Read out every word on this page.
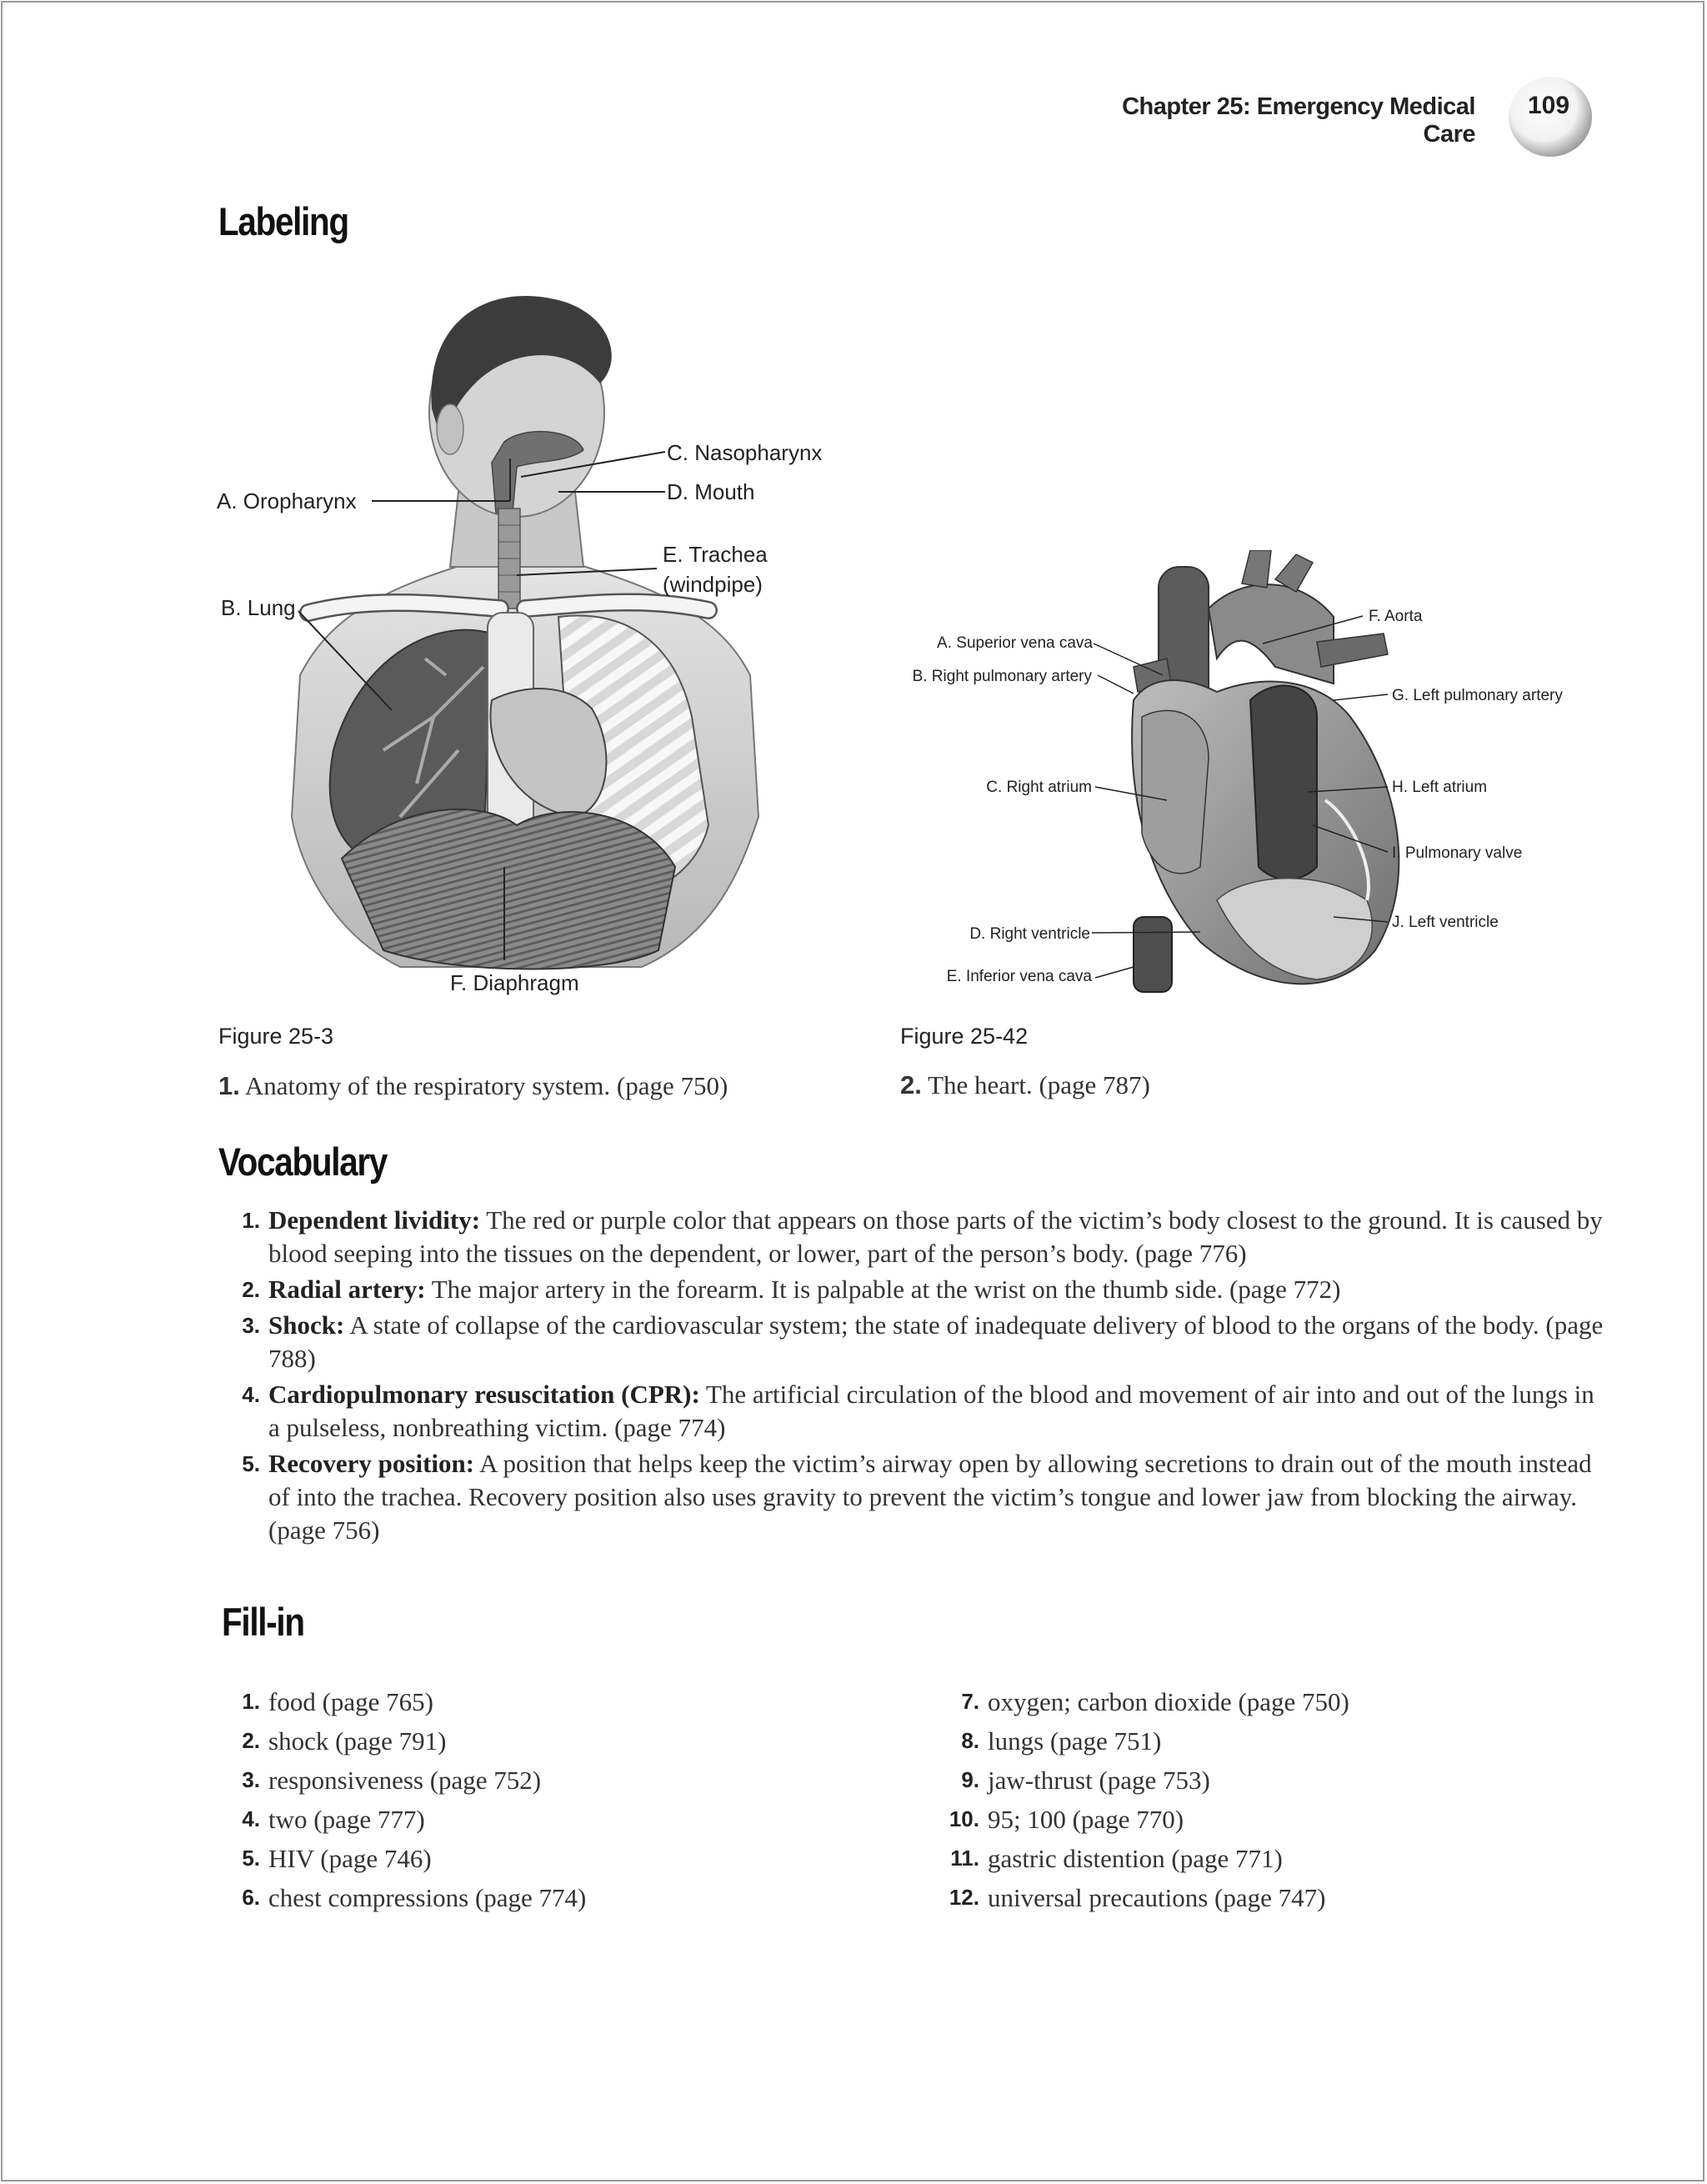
Chapter 25: Emergency Medical Care
109
Labeling
A. Oropharynx
B. Lung
C. Nasopharynx
D. Mouth
E. Trachea
(windpipe)
F. Diaphragm
A. Superior vena cava
B. Right pulmonary artery
C. Right atrium
D. Right ventricle
E. Inferior vena cava
F. Aorta
G. Left pulmonary artery
H. Left atrium
I. Pulmonary valve
J. Left ventricle
Figure 25-3
1. Anatomy of the respiratory system. (page 750)
Figure 25-42
2. The heart. (page 787)
Vocabulary
1. Dependent lividity: The red or purple color that appears on those parts of the victim’s body closest to the ground. It is caused by blood seeping into the tissues on the dependent, or lower, part of the person’s body. (page 776)
2. Radial artery: The major artery in the forearm. It is palpable at the wrist on the thumb side. (page 772)
3. Shock: A state of collapse of the cardiovascular system; the state of inadequate delivery of blood to the organs of the body. (page 788)
4. Cardiopulmonary resuscitation (CPR): The artificial circulation of the blood and movement of air into and out of the lungs in a pulseless, nonbreathing victim. (page 774)
5. Recovery position: A position that helps keep the victim’s airway open by allowing secretions to drain out of the mouth instead of into the trachea. Recovery position also uses gravity to prevent the victim’s tongue and lower jaw from blocking the airway. (page 756)
Fill-in
1. food (page 765)
2. shock (page 791)
3. responsiveness (page 752)
4. two (page 777)
5. HIV (page 746)
6. chest compressions (page 774)
7. oxygen; carbon dioxide (page 750)
8. lungs (page 751)
9. jaw-thrust (page 753)
10. 95; 100 (page 770)
11. gastric distention (page 771)
12. universal precautions (page 747)
